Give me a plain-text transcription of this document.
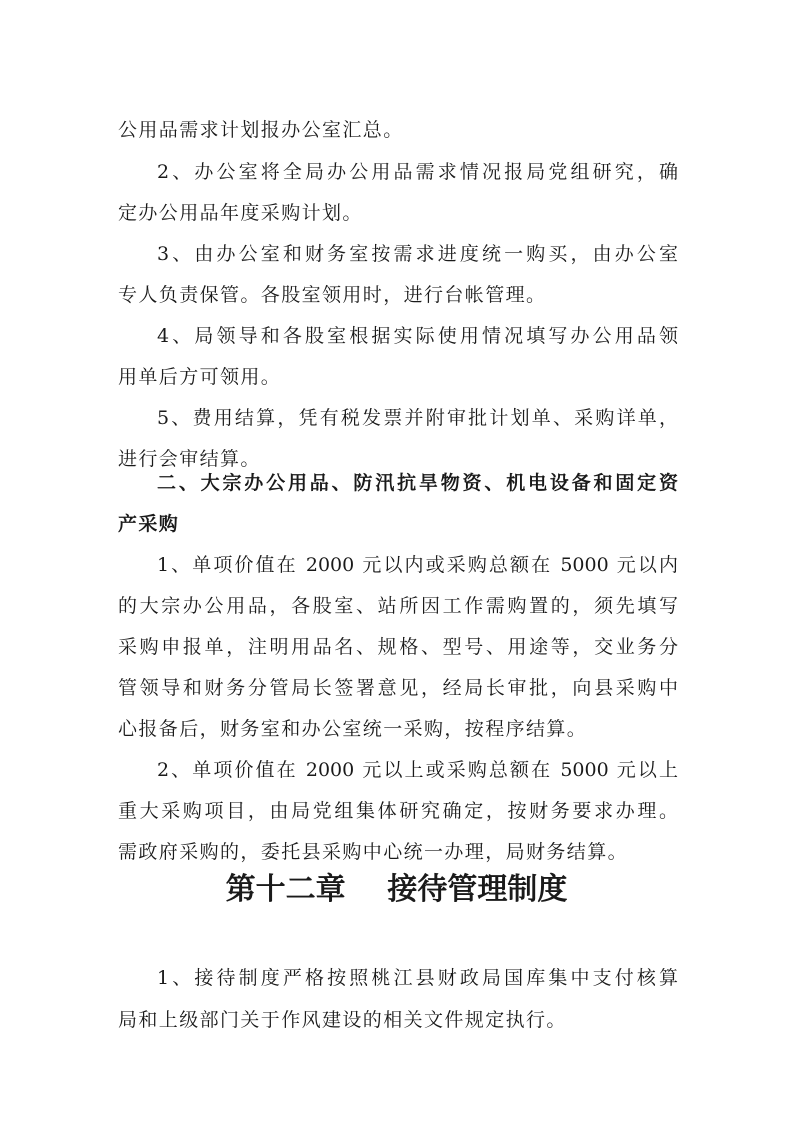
公用品需求计划报办公室汇总。
2、办公室将全局办公用品需求情况报局党组研究，确
定办公用品年度采购计划。
3、由办公室和财务室按需求进度统一购买，由办公室
专人负责保管。各股室领用时，进行台帐管理。
4、局领导和各股室根据实际使用情况填写办公用品领
用单后方可领用。
5、费用结算，凭有税发票并附审批计划单、采购详单，
进行会审结算。
二、大宗办公用品、防汛抗旱物资、机电设备和固定资
产采购
1、单项价值在 2000 元以内或采购总额在 5000 元以内
的大宗办公用品，各股室、站所因工作需购置的，须先填写
采购申报单，注明用品名、规格、型号、用途等，交业务分
管领导和财务分管局长签署意见，经局长审批，向县采购中
心报备后，财务室和办公室统一采购，按程序结算。
2、单项价值在 2000 元以上或采购总额在 5000 元以上
重大采购项目，由局党组集体研究确定，按财务要求办理。
第十二章    接待管理制度
1、接待制度严格按照桃江县财政局国库集中支付核算
局和上级部门关于作风建设的相关文件规定执行。
需政府采购的，委托县采购中心统一办理，局财务结算。
